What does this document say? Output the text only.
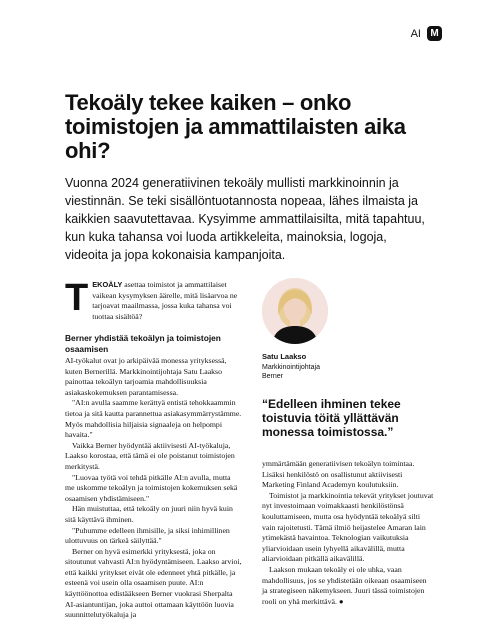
AI M
Tekoäly tekee kaiken – onko toimistojen ja ammattilaisten aika ohi?

Vuonna 2024 generatiivinen tekoäly mullisti markkinoinnin ja viestinnän. Se teki sisällöntuotannosta nopeaa, lähes ilmaista ja kaikkien saavutettavaa. Kysyimme ammattilaisilta, mitä tapahtuu, kun kuka tahansa voi luoda artikkeleita, mainoksia, logoja, videoita ja jopa kokonaisia kampanjoita.

T EKOÄLY asettaa toimistot ja ammattilaiset vaikean kysymyksen äärelle, mitä lisäarvoa ne tarjoavat maailmassa, jossa kuka tahansa voi tuottaa sisältöä?

Berner yhdistää tekoälyn ja toimistojen osaamisen

AI-työkalut ovat jo arkipäivää monessa yrityksessä, kuten Bernerillä. Markkinointijohtaja Satu Laakso painottaa tekoälyn tarjoamia mahdollisuuksia asiakaskokemuksen parantamisessa.

"AI:n avulla saamme kerättyä entistä tehokkaammin tietoa ja sitä kautta parannettua asiakasymmärrystämme. Myös mahdollisia hiljaisia signaaleja on helpompi havaita."

Vaikka Berner hyödyntää aktiivisesti AI-työkaluja, Laakso korostaa, että tämä ei ole poistanut toimistojen merkitystä.

"Luovaa työtä voi tehdä pitkälle AI:n avulla, mutta me uskomme tekoälyn ja toimistojen kokemuksen sekä osaamisen yhdistämiseen."

Hän muistuttaa, että tekoäly on juuri niin hyvä kuin sitä käyttävä ihminen.

"Puhumme edelleen ihmisille, ja siksi inhimillinen ulottuvuus on tärkeä säilyttää."

Berner on hyvä esimerkki yrityksestä, joka on sitoutunut vahvasti AI:n hyödyntämiseen. Laakso arvioi, että kaikki yritykset eivät ole edenneet yhtä pitkälle, ja esteenä voi usein olla osaamisen puute. AI:n käyttöönottoa edistääkseen Berner vuokrasi Sherpalta AI-asiantuntijan, joka auttoi ottamaan käyttöön luovia suunnittelutyökaluja ja

Satu Laakso

Markkinointijohtaja Berner

“Edelleen ihminen tekee toistuvia töitä yllättävän monessa toimistossa.”

ymmärtämään generatiivisen tekoälyn toimintaa. Lisäksi henkilöstö on osallistunut aktiivisesti Marketing Finland Academyn koulutuksiin.

Toimistot ja markkinointia tekevät yritykset joutuvat nyt investoimaan voimakkaasti henkilöstönsä kouluttamiseen, mutta osa hyödyntää tekoälyä silti vain rajoitetusti. Tämä ilmiö heijastelee Amaran lain ytimekästä havaintoa. Teknologian vaikutuksia yliarvioidaan usein lyhyellä aikavälillä, mutta aliarvioidaan pitkällä aikavälillä.

Laakson mukaan tekoäly ei ole uhka, vaan mahdollisuus, jos se yhdistetään oikeaan osaamiseen ja strategiseen näkemykseen. Juuri tässä toimistojen rooli on yhä merkittävä. ●
